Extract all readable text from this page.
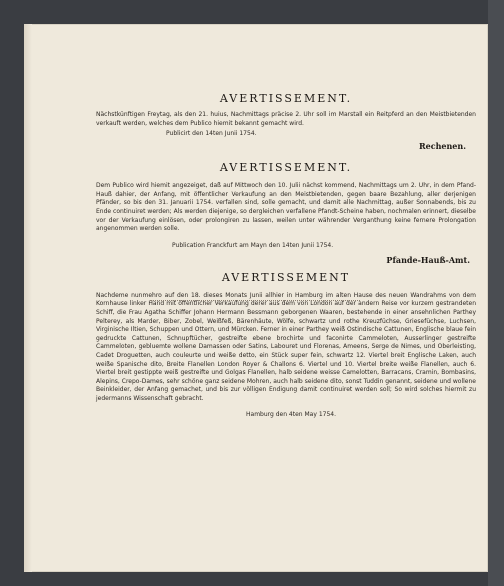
AVERTISSEMENT.

Nächstkünftigen Freytag, als den 21. huius, Nachmittags präcise 2. Uhr soll im Marstall ein Reitpferd an den Meistbietenden verkauft werden, welches dem Publico hiemit bekannt gemacht wird.

Publicirt den 14ten Junii 1754.

Rechenen.

AVERTISSEMENT.

Dem Publico wird hiemit angezeiget, daß auf Mittwoch den 10. Julii nächst kommend, Nachmittags um 2. Uhr, in dem Pfand-Hauß dahier, der Anfang, mit öffentlicher Verkaufung an den Meistbietenden, gegen baare Bezahlung, aller derjenigen Pfänder, so bis den 31. Januarii 1754. verfallen sind, solle gemacht, und damit alle Nachmittag, außer Sonnabends, bis zu Ende continuiret werden; Als werden diejenige, so dergleichen verfallene Pfandt-Scheine haben, nochmalen erinnert, dieselbe vor der Verkaufung einlösen, oder prolongiren zu lassen, weilen unter währender Verganthung keine fernere Prolongation angenommen werden solle.

Publication Franckfurt am Mayn den 14ten Junii 1754.

Pfande-Hauß-Amt.

AVERTISSEMENT

Nachdeme nunmehro auf den 18. dieses Monats Junii allhier in Hamburg im alten Hause des neuen Wandrahms von dem Kornhause linker Hand mit öffentlicher Verkaufung derer aus dem von London auf der andern Reise vor kurzem gestrandeten Schiff, die Frau Agatha Schiffer Johann Hermann Bessmann geborgenen Waaren, bestehende in einer ansehnlichen Parthey Pelterey, als Marder, Biber, Zobel, Weißfeß, Bärenhäute, Wölfe, schwartz und rothe Kreuzfüchse, Griesefüchse, Luchsen, Virginische Iltien, Schuppen und Ottern, und Mürcken. Ferner in einer Parthey weiß Ostindische Cattunen, Englische blaue fein gedruckte Cattunen, Schnupftücher, gestreifte ebene brochirte und faconirte Cammeloten, Ausserlinger gestreifte Cammeloten, gebluemte wollene Damassen oder Satins, Labouret und Florenas, Ameens, Serge de Nimes, und Oberleisting, Cadet Droguetten, auch couleurte und weiße detto, ein Stück super fein, schwartz 12. Viertel breit Englische Laken, auch weiße Spanische dito, Breite Flanellen London Royer & Challons 6. Viertel und 10. Viertel breite weiße Flanellen, auch 6. Viertel breit gestippte weiß gestreifte und Golgas Flanellen, halb seidene weisse Camelotten, Barracans, Cramin, Bombasins, Alepins, Crepo-Dames, sehr schöne ganz seidene Mohren, auch halb seidene dito, sonst Tuddin genannt, seidene und wollene Beinkleider, der Anfang gemachet, und bis zur völligen Endigung damit continuiret werden soll; So wird solches hiermit zu jedermanns Wissenschaft gebracht.

Hamburg den 4ten May 1754.
